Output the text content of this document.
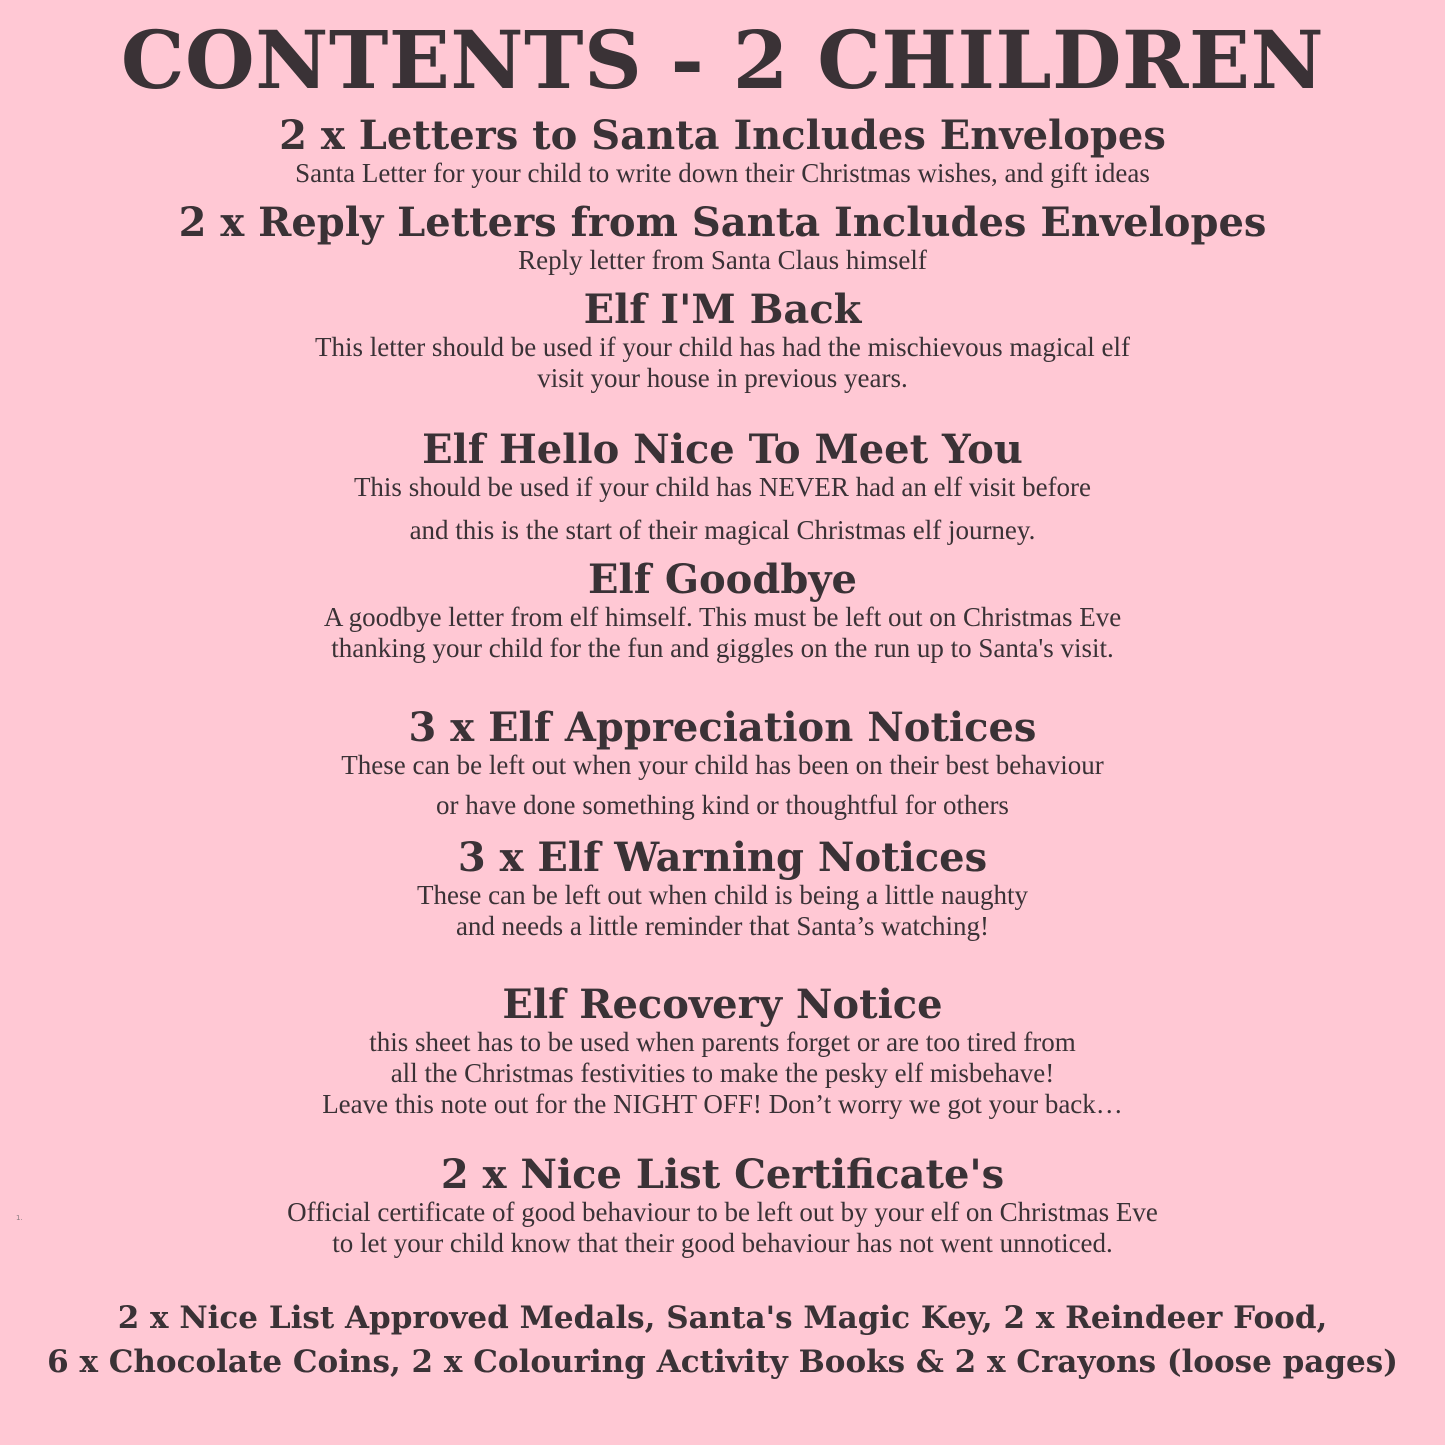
CONTENTS - 2 CHILDREN
2 x Letters to Santa Includes Envelopes
Santa Letter for your child to write down their Christmas wishes, and gift ideas
2 x Reply Letters from Santa Includes Envelopes
Reply letter from Santa Claus himself
Elf I'M Back
This letter should be used if your child has had the mischievous magical elf
visit your house in previous years.
Elf Hello Nice To Meet You
This should be used if your child has NEVER had an elf visit before
and this is the start of their magical Christmas elf journey.
Elf Goodbye
A goodbye letter from elf himself. This must be left out on Christmas Eve
thanking your child for the fun and giggles on the run up to Santa's visit.
3 x Elf Appreciation Notices
These can be left out when your child has been on their best behaviour
or have done something kind or thoughtful for others
3 x Elf Warning Notices
These can be left out when child is being a little naughty
and needs a little reminder that Santa’s watching!
Elf Recovery Notice
this sheet has to be used when parents forget or are too tired from
all the Christmas festivities to make the pesky elf misbehave!
Leave this note out for the NIGHT OFF! Don’t worry we got your back…
2 x Nice List Certificate's
Official certificate of good behaviour to be left out by your elf on Christmas Eve
to let your child know that their good behaviour has not went unnoticed.
1.
2 x Nice List Approved Medals, Santa's Magic Key, 2 x Reindeer Food,
6 x Chocolate Coins, 2 x Colouring Activity Books & 2 x Crayons (loose pages)
